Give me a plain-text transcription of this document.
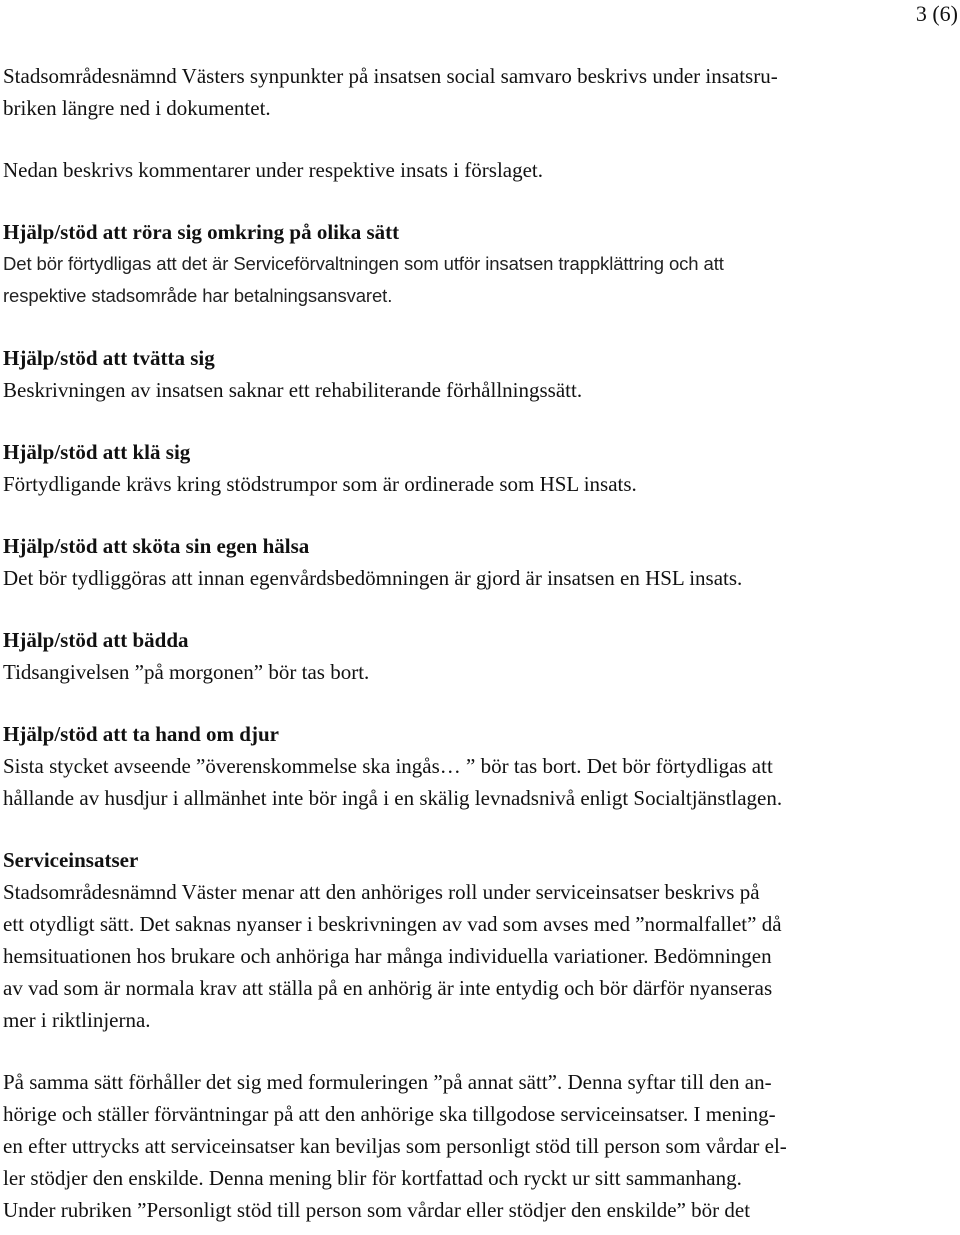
3 (6)
Stadsområdesnämnd Västers synpunkter på insatsen social samvaro beskrivs under insatsru-
briken längre ned i dokumentet.
Nedan beskrivs kommentarer under respektive insats i förslaget.
Hjälp/stöd att röra sig omkring på olika sätt
Det bör förtydligas att det är Serviceförvaltningen som utför insatsen trappklättring och att
respektive stadsområde har betalningsansvaret.
Hjälp/stöd att tvätta sig
Beskrivningen av insatsen saknar ett rehabiliterande förhållningssätt.
Hjälp/stöd att klä sig
Förtydligande krävs kring stödstrumpor som är ordinerade som HSL insats.
Hjälp/stöd att sköta sin egen hälsa
Det bör tydliggöras att innan egenvårdsbedömningen är gjord är insatsen en HSL insats.
Hjälp/stöd att bädda
Tidsangivelsen ”på morgonen” bör tas bort.
Hjälp/stöd att ta hand om djur
Sista stycket avseende ”överenskommelse ska ingås… ” bör tas bort. Det bör förtydligas att
hållande av husdjur i allmänhet inte bör ingå i en skälig levnadsnivå enligt Socialtjänstlagen.
Serviceinsatser
Stadsområdesnämnd Väster menar att den anhöriges roll under serviceinsatser beskrivs på
ett otydligt sätt. Det saknas nyanser i beskrivningen av vad som avses med ”normalfallet” då
hemsituationen hos brukare och anhöriga har många individuella variationer. Bedömningen
av vad som är normala krav att ställa på en anhörig är inte entydig och bör därför nyanseras
mer i riktlinjerna.
På samma sätt förhåller det sig med formuleringen ”på annat sätt”. Denna syftar till den an-
hörige och ställer förväntningar på att den anhörige ska tillgodose serviceinsatser. I mening-
en efter uttrycks att serviceinsatser kan beviljas som personligt stöd till person som vårdar el-
ler stödjer den enskilde. Denna mening blir för kortfattad och ryckt ur sitt sammanhang.
Under rubriken ”Personligt stöd till person som vårdar eller stödjer den enskilde” bör det
